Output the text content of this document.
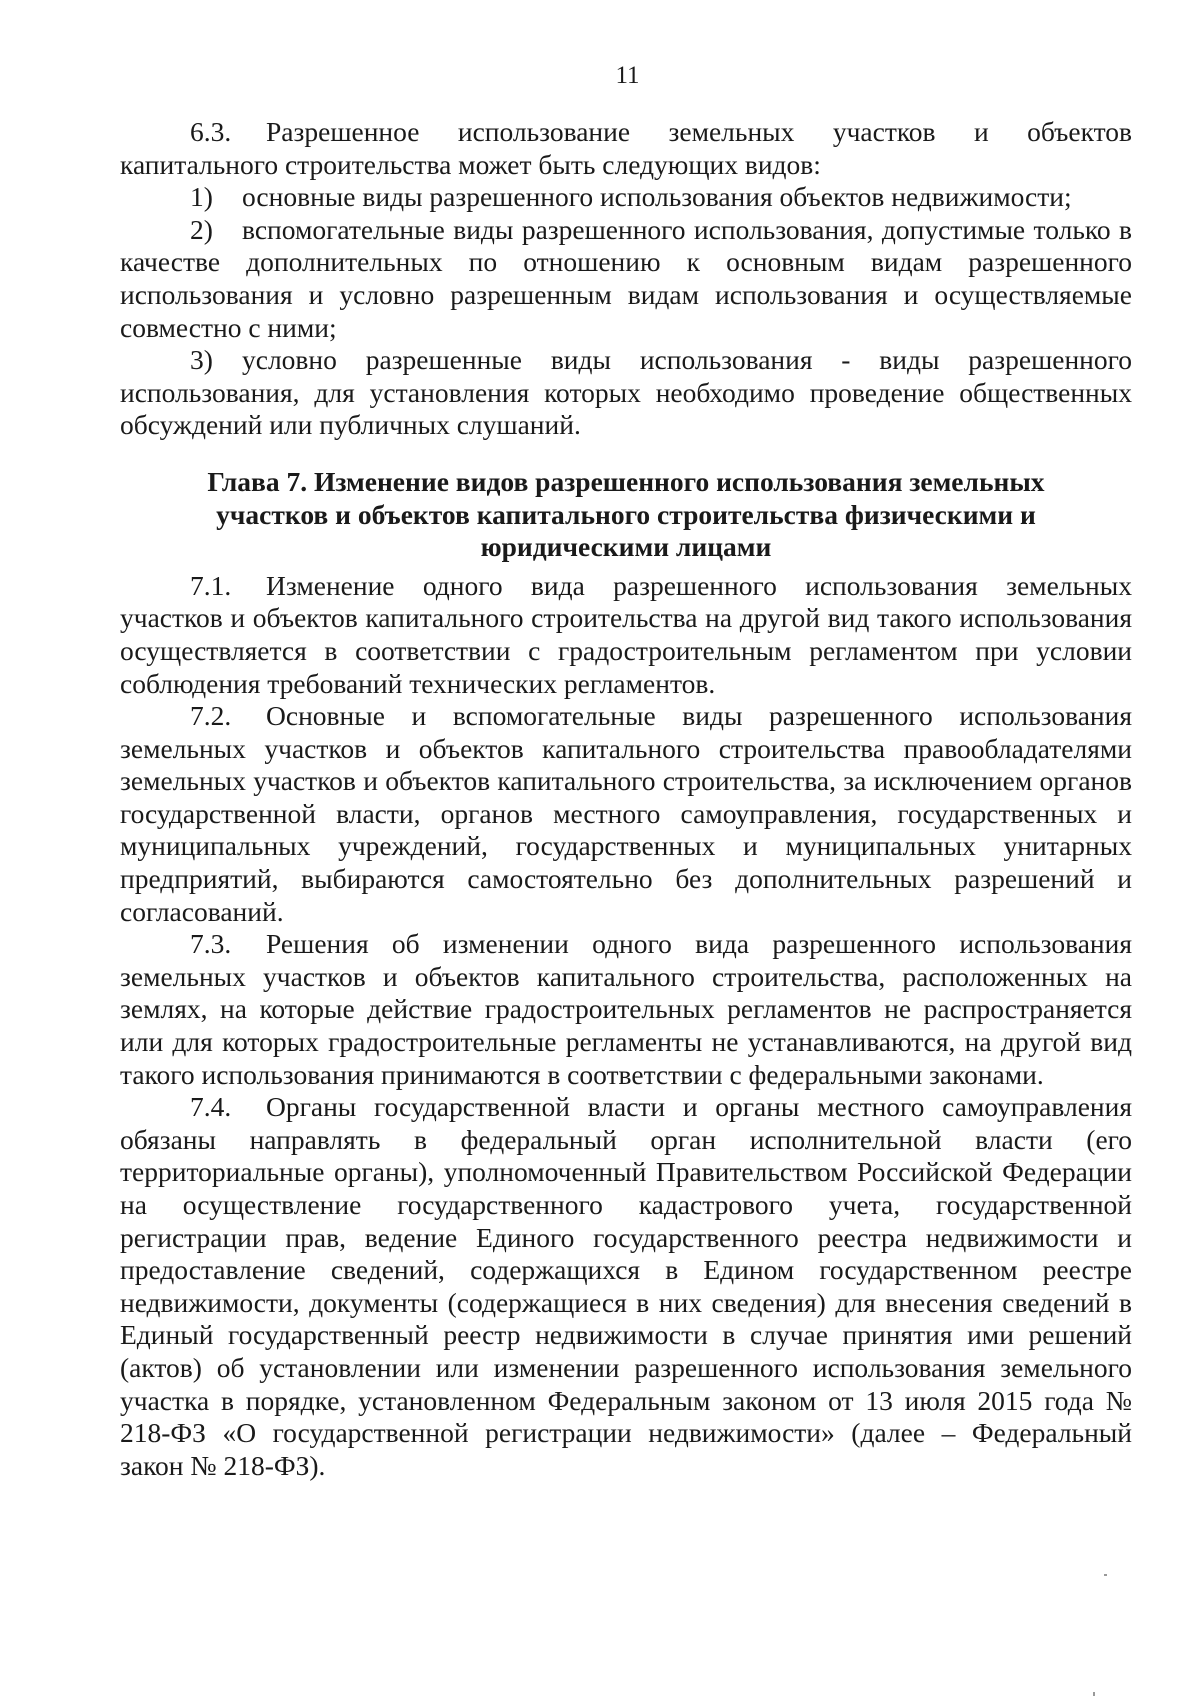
11

6.3. Разрешенное использование земельных участков и объектов капитального строительства может быть следующих видов:

1) основные виды разрешенного использования объектов недвижимости;

2) вспомогательные виды разрешенного использования, допустимые только в качестве дополнительных по отношению к основным видам разрешенного использования и условно разрешенным видам использования и осуществляемые совместно с ними;

3) условно разрешенные виды использования - виды разрешенного использования, для установления которых необходимо проведение общественных обсуждений или публичных слушаний.

Глава 7. Изменение видов разрешенного использования земельных
участков и объектов капитального строительства физическими и
юридическими лицами

7.1. Изменение одного вида разрешенного использования земельных участков и объектов капитального строительства на другой вид такого использования осуществляется в соответствии с градостроительным регламентом при условии соблюдения требований технических регламентов.

7.2. Основные и вспомогательные виды разрешенного использования земельных участков и объектов капитального строительства правообладателями земельных участков и объектов капитального строительства, за исключением органов государственной власти, органов местного самоуправления, государственных и муниципальных учреждений, государственных и муниципальных унитарных предприятий, выбираются самостоятельно без дополнительных разрешений и согласований.

7.3. Решения об изменении одного вида разрешенного использования земельных участков и объектов капитального строительства, расположенных на землях, на которые действие градостроительных регламентов не распространяется или для которых градостроительные регламенты не устанавливаются, на другой вид такого использования принимаются в соответствии с федеральными законами.

7.4. Органы государственной власти и органы местного самоуправления обязаны направлять в федеральный орган исполнительной власти (его территориальные органы), уполномоченный Правительством Российской Федерации на осуществление государственного кадастрового учета, государственной регистрации прав, ведение Единого государственного реестра недвижимости и предоставление сведений, содержащихся в Едином государственном реестре недвижимости, документы (содержащиеся в них сведения) для внесения сведений в Единый государственный реестр недвижимости в случае принятия ими решений (актов) об установлении или изменении разрешенного использования земельного участка в порядке, установленном Федеральным законом от 13 июля 2015 года № 218-ФЗ «О государственной регистрации недвижимости» (далее – Федеральный закон № 218-ФЗ).
